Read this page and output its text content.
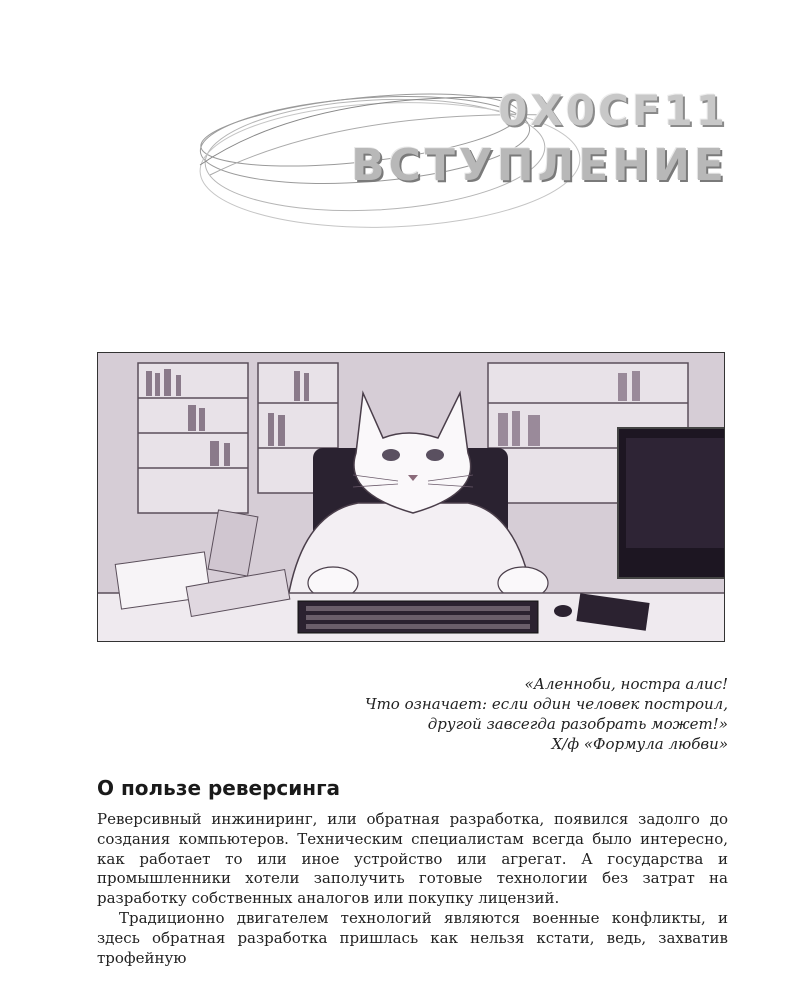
0X0CF11
ВСТУПЛЕНИЕ
«Аленноби, ностра алис!
Что означает: если один человек построил,
другой завсегда разобрать может!»
Х/ф «Формула любви»
О пользе реверсинга

Реверсивный инжиниринг, или обратная разработка, появился задолго до создания компьютеров. Техническим специалистам всегда было интересно, как работает то или иное устройство или агрегат. А государства и промышленники хотели заполучить готовые технологии без затрат на разработку собственных аналогов или покупку лицензий.

Традиционно двигателем технологий являются военные конфликты, и здесь обратная разработка пришлась как нельзя кстати, ведь, захватив трофейную
